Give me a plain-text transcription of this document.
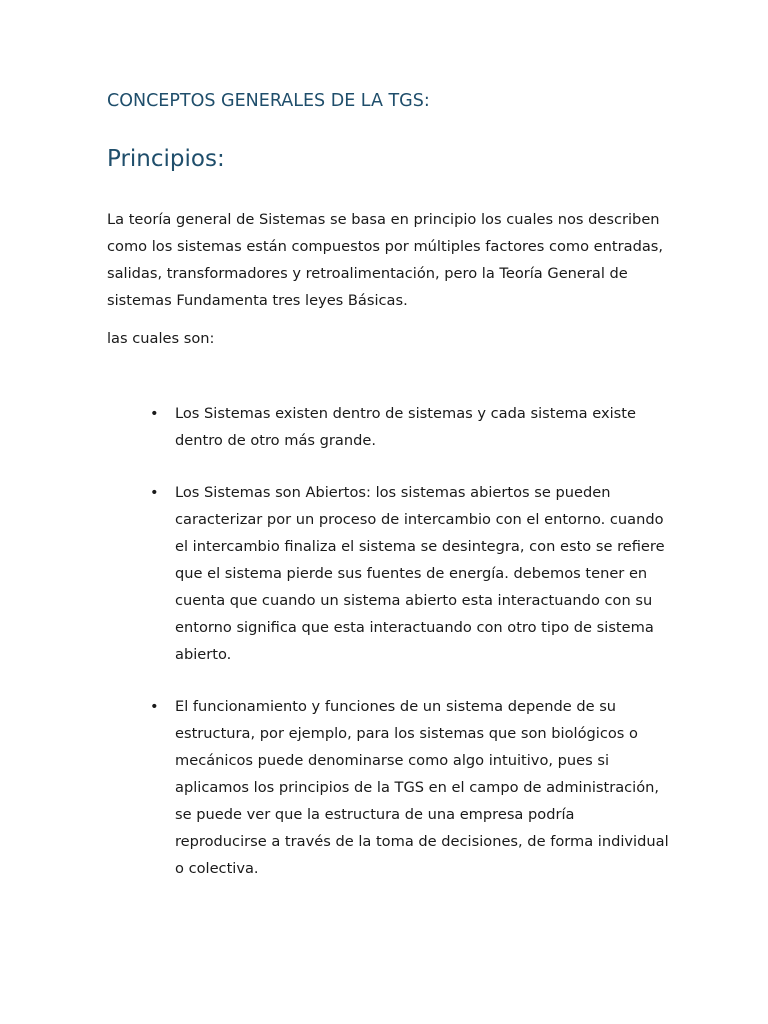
CONCEPTOS GENERALES DE LA TGS:
Principios:

La teoría general de Sistemas se basa en principio los cuales nos describen como los sistemas están compuestos por múltiples factores como entradas, salidas, transformadores y retroalimentación, pero la Teoría General de sistemas Fundamenta tres leyes Básicas.

las cuales son:

• Los Sistemas existen dentro de sistemas y cada sistema existe dentro de otro más grande.

• Los Sistemas son Abiertos: los sistemas abiertos se pueden caracterizar por un proceso de intercambio con el entorno. cuando el intercambio finaliza el sistema se desintegra, con esto se refiere que el sistema pierde sus fuentes de energía. debemos tener en cuenta que cuando un sistema abierto esta interactuando con su entorno significa que esta interactuando con otro tipo de sistema abierto.

• El funcionamiento y funciones de un sistema depende de su estructura, por ejemplo, para los sistemas que son biológicos o mecánicos puede denominarse como algo intuitivo, pues si aplicamos los principios de la TGS en el campo de administración, se puede ver que la estructura de una empresa podría reproducirse a través de la toma de decisiones, de forma individual o colectiva.
